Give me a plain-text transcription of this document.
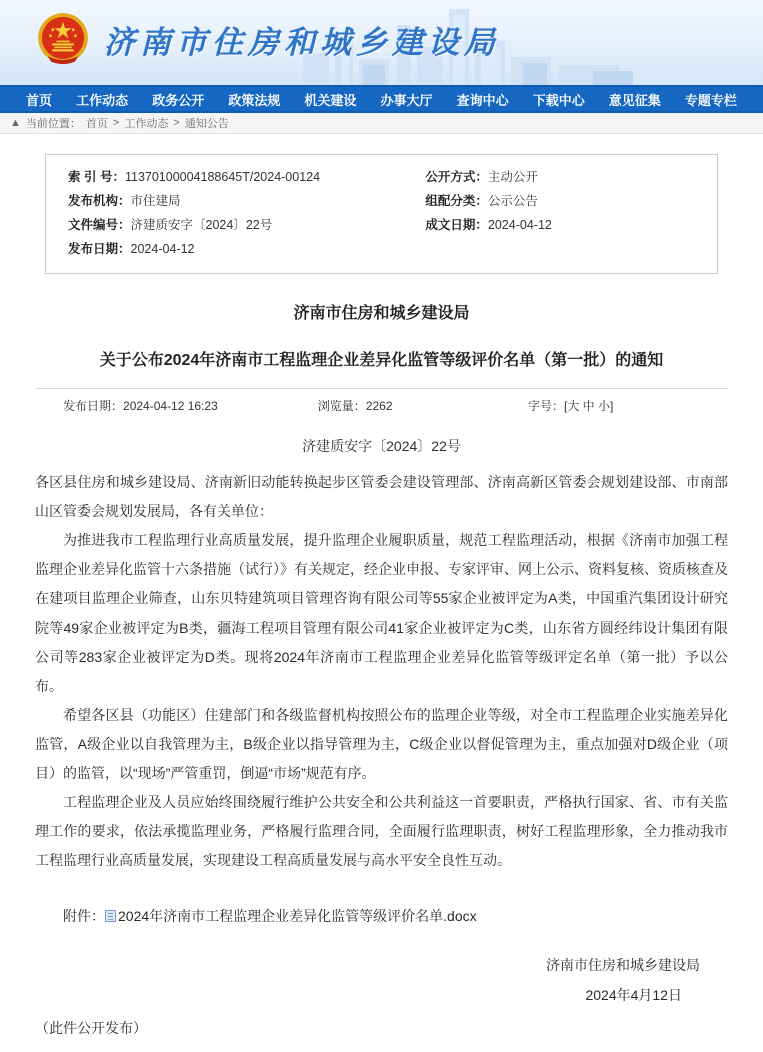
济南市住房和城乡建设局
首页 工作动态 政务公开 政策法规 机关建设 办事大厅 查询中心 下载中心 意见征集 专题专栏
▲ 当前位置： 首页 > 工作动态 > 通知公告
索 引 号：11370100004188645T/2024-00124
发布机构：市住建局
文件编号：济建质安字〔2024〕22号
发布日期：2024-04-12
公开方式：主动公开
组配分类：公示公告
成文日期：2024-04-12
济南市住房和城乡建设局
关于公布2024年济南市工程监理企业差异化监管等级评价名单（第一批）的通知
发布日期：2024-04-12 16:23	浏览量：2262	字号：[大 中 小]
济建质安字〔2024〕22号

各区县住房和城乡建设局、济南新旧动能转换起步区管委会建设管理部、济南高新区管委会规划建设部、市南部山区管委会规划发展局，各有关单位：

为推进我市工程监理行业高质量发展，提升监理企业履职质量，规范工程监理活动，根据《济南市加强工程监理企业差异化监管十六条措施（试行）》有关规定，经企业申报、专家评审、网上公示、资料复核、资质核查及在建项目监理企业筛查，山东贝特建筑项目管理咨询有限公司等55家企业被评定为A类，中国重汽集团设计研究院等49家企业被评定为B类，疆海工程项目管理有限公司41家企业被评定为C类，山东省方圆经纬设计集团有限公司等283家企业被评定为D类。现将2024年济南市工程监理企业差异化监管等级评定名单（第一批）予以公布。

希望各区县（功能区）住建部门和各级监督机构按照公布的监理企业等级，对全市工程监理企业实施差异化监管，A级企业以自我管理为主，B级企业以指导管理为主，C级企业以督促管理为主，重点加强对D级企业（项目）的监管，以“现场”严管重罚，倒逼“市场”规范有序。

工程监理企业及人员应始终围绕履行维护公共安全和公共利益这一首要职责，严格执行国家、省、市有关监理工作的要求，依法承揽监理业务，严格履行监理合同，全面履行监理职责，树好工程监理形象，全力推动我市工程监理行业高质量发展，实现建设工程高质量发展与高水平安全良性互动。

附件： 2024年济南市工程监理企业差异化监管等级评价名单.docx
济南市住房和城乡建设局
2024年4月12日
（此件公开发布）
